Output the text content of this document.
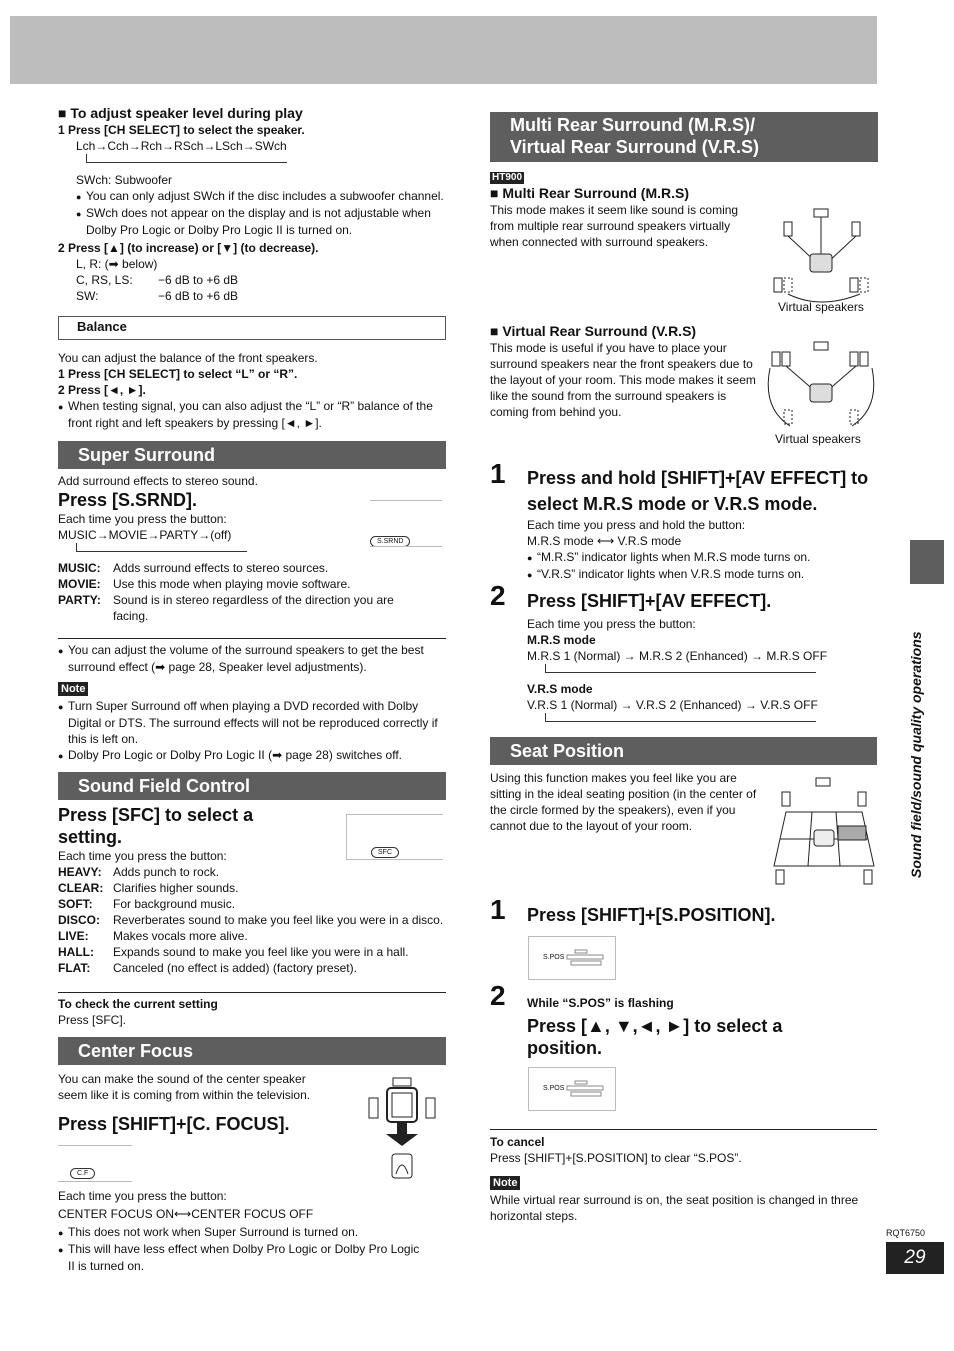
■ To adjust speaker level during play

1 Press [CH SELECT] to select the speaker.

Lch→Cch→Rch→RSch→LSch→SWch

SWch: Subwoofer

● You can only adjust SWch if the disc includes a subwoofer channel.

● SWch does not appear on the display and is not adjustable when Dolby Pro Logic or Dolby Pro Logic II is turned on.

2 Press [▲] (to increase) or [▼] (to decrease).

L, R: (➡ below)

C, RS, LS:	−6 dB to +6 dB
SW:	−6 dB to +6 dB
Balance

You can adjust the balance of the front speakers.

1 Press [CH SELECT] to select “L” or “R”.

2 Press [◄, ►].

● When testing signal, you can also adjust the “L” or “R” balance of the front right and left speakers by pressing [◄, ►].

Super Surround

Add surround effects to stereo sound.

Press [S.SRND].

Each time you press the button:

MUSIC→MOVIE→PARTY→(off)	S.SRND
MUSIC:	Adds surround effects to stereo sources.
MOVIE:	Use this mode when playing movie software.
PARTY:	Sound is in stereo regardless of the direction you are facing.

● You can adjust the volume of the surround speakers to get the best surround effect (➡ page 28, Speaker level adjustments).

Note

● Turn Super Surround off when playing a DVD recorded with Dolby Digital or DTS. The surround effects will not be reproduced correctly if this is left on.

● Dolby Pro Logic or Dolby Pro Logic II (➡ page 28) switches off.

Sound Field Control

Press [SFC] to select a setting.

SFC

Each time you press the button:

HEAVY: Adds punch to rock.
CLEAR: Clarifies higher sounds.
SOFT:	For background music.
DISCO:	Reverberates sound to make you feel like you were in a disco.
LIVE:	Makes vocals more alive.
HALL:	Expands sound to make you feel like you were in a hall.
FLAT:	Canceled (no effect is added) (factory preset).

To check the current setting

Press [SFC].

Center Focus

You can make the sound of the center speaker seem like it is coming from within the television.

Press [SHIFT]+[C. FOCUS].

C.F

Each time you press the button:

CENTER FOCUS ON⟷CENTER FOCUS OFF

● This does not work when Super Surround is turned on.

● This will have less effect when Dolby Pro Logic or Dolby Pro Logic II is turned on.

Multi Rear Surround (M.R.S)/
Virtual Rear Surround (V.R.S)
HT900

■ Multi Rear Surround (M.R.S)

This mode makes it seem like sound is coming from multiple rear surround speakers virtually when connected with surround speakers.

■ Virtual Rear Surround (V.R.S)

This mode is useful if you have to place your surround speakers near the front speakers due to the layout of your room. This mode makes it seem like the sound from the surround speakers is coming from behind you.

Virtual speakers
Virtual speakers
1 Press and hold [SHIFT]+[AV EFFECT] to select M.R.S mode or V.R.S mode.

Each time you press and hold the button:

M.R.S mode ⟷ V.R.S mode

● “M.R.S” indicator lights when M.R.S mode turns on.

● “V.R.S” indicator lights when V.R.S mode turns on.

2 Press [SHIFT]+[AV EFFECT].

Each time you press the button:

M.R.S mode

M.R.S 1 (Normal) → M.R.S 2 (Enhanced) → M.R.S OFF

V.R.S mode

V.R.S 1 (Normal) → V.R.S 2 (Enhanced) → V.R.S OFF

Seat Position

Using this function makes you feel like you are sitting in the ideal seating position (in the center of the circle formed by the speakers), even if you cannot due to the layout of your room.

1 Press [SHIFT]+[S.POSITION].

S.POS
2 While “S.POS” is flashing

Press [▲, ▼,◄, ►] to select a position.

S.POS

To cancel

Press [SHIFT]+[S.POSITION] to clear “S.POS”.

Note

While virtual rear surround is on, the seat position is changed in three horizontal steps.

Sound field/sound quality operations
RQT6750
29
